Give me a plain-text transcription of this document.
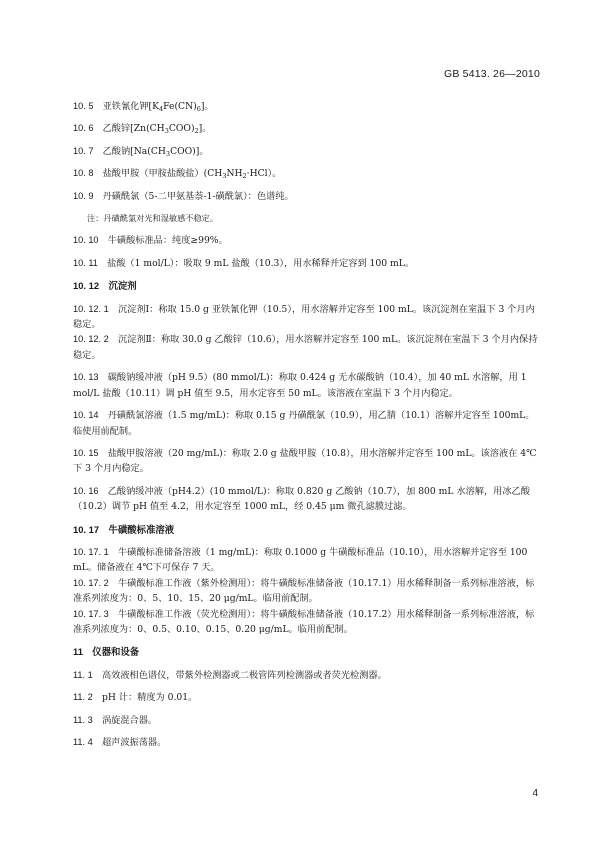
GB 5413. 26—2010
10. 5  亚铁氰化钾$[K_4Fe(CN)_6]$。
10. 6  乙酸锌$[Zn(CH_3COO)_2]$。
10. 7  乙酸钠$[Na(CH_3COO)]$。
10. 8  盐酸甲胺（甲胺盐酸盐）$(CH_3NH_2\cdot HCl)$。
10. 9  丹磺酰氯（5-二甲氨基萘-1-磺酰氯）：色谱纯。
注：丹磺酰氯对光和湿敏感不稳定。
10. 10  牛磺酸标准品：纯度≥99%。
10. 11  盐酸（1 mol/L）：吸取 9 mL 盐酸（10.3），用水稀释并定容到 100 mL。
10. 12  沉淀剂
10. 12. 1  沉淀剂Ⅰ：称取 15.0 g 亚铁氰化钾（10.5），用水溶解并定容至 100 mL。该沉淀剂在室温下 3 个月内稳定。
10. 12. 2  沉淀剂Ⅱ：称取 30.0 g 乙酸锌（10.6），用水溶解并定容至 100 mL。该沉淀剂在室温下 3 个月内保持稳定。
10. 13  碳酸钠缓冲液（pH 9.5）(80 mmol/L)：称取 0.424 g 无水碳酸钠（10.4），加 40 mL 水溶解，用 1 mol/L 盐酸（10.11）调 pH 值至 9.5，用水定容至 50 mL。该溶液在室温下 3 个月内稳定。
10. 14  丹磺酰氯溶液（1.5 mg/mL)：称取 0.15 g 丹磺酰氯（10.9），用乙腈（10.1）溶解并定容至 100mL。临使用前配制。
10. 15  盐酸甲胺溶液（20 mg/mL)：称取 2.0 g 盐酸甲胺（10.8），用水溶解并定容至 100 mL。该溶液在 4℃下 3 个月内稳定。
10. 16  乙酸钠缓冲液（pH4.2）(10 mmol/L)：称取 0.820 g 乙酸钠（10.7），加 800 mL 水溶解，用冰乙酸（10.2）调节 pH 值至 4.2，用水定容至 1000 mL，经 0.45 μm 微孔滤膜过滤。
10. 17  牛磺酸标准溶液
10. 17. 1  牛磺酸标准储备溶液（1 mg/mL)：称取 0.1000 g 牛磺酸标准品（10.10），用水溶解并定容至 100 mL。储备液在 4℃下可保存 7 天。
10. 17. 2  牛磺酸标准工作液（紫外检测用）：将牛磺酸标准储备液（10.17.1）用水稀释制备一系列标准溶液，标准系列浓度为：0、5、10、15、20 μg/mL。临用前配制。
10. 17. 3  牛磺酸标准工作液（荧光检测用）：将牛磺酸标准储备液（10.17.2）用水稀释制备一系列标准溶液，标准系列浓度为：0、0.5、0.10、0.15、0.20 μg/mL。临用前配制。
11  仪器和设备
11. 1  高效液相色谱仪，带紫外检测器或二极管阵列检测器或者荧光检测器。
11. 2  pH 计：精度为 0.01。
11. 3  涡旋混合器。
11. 4  超声波振荡器。
4
